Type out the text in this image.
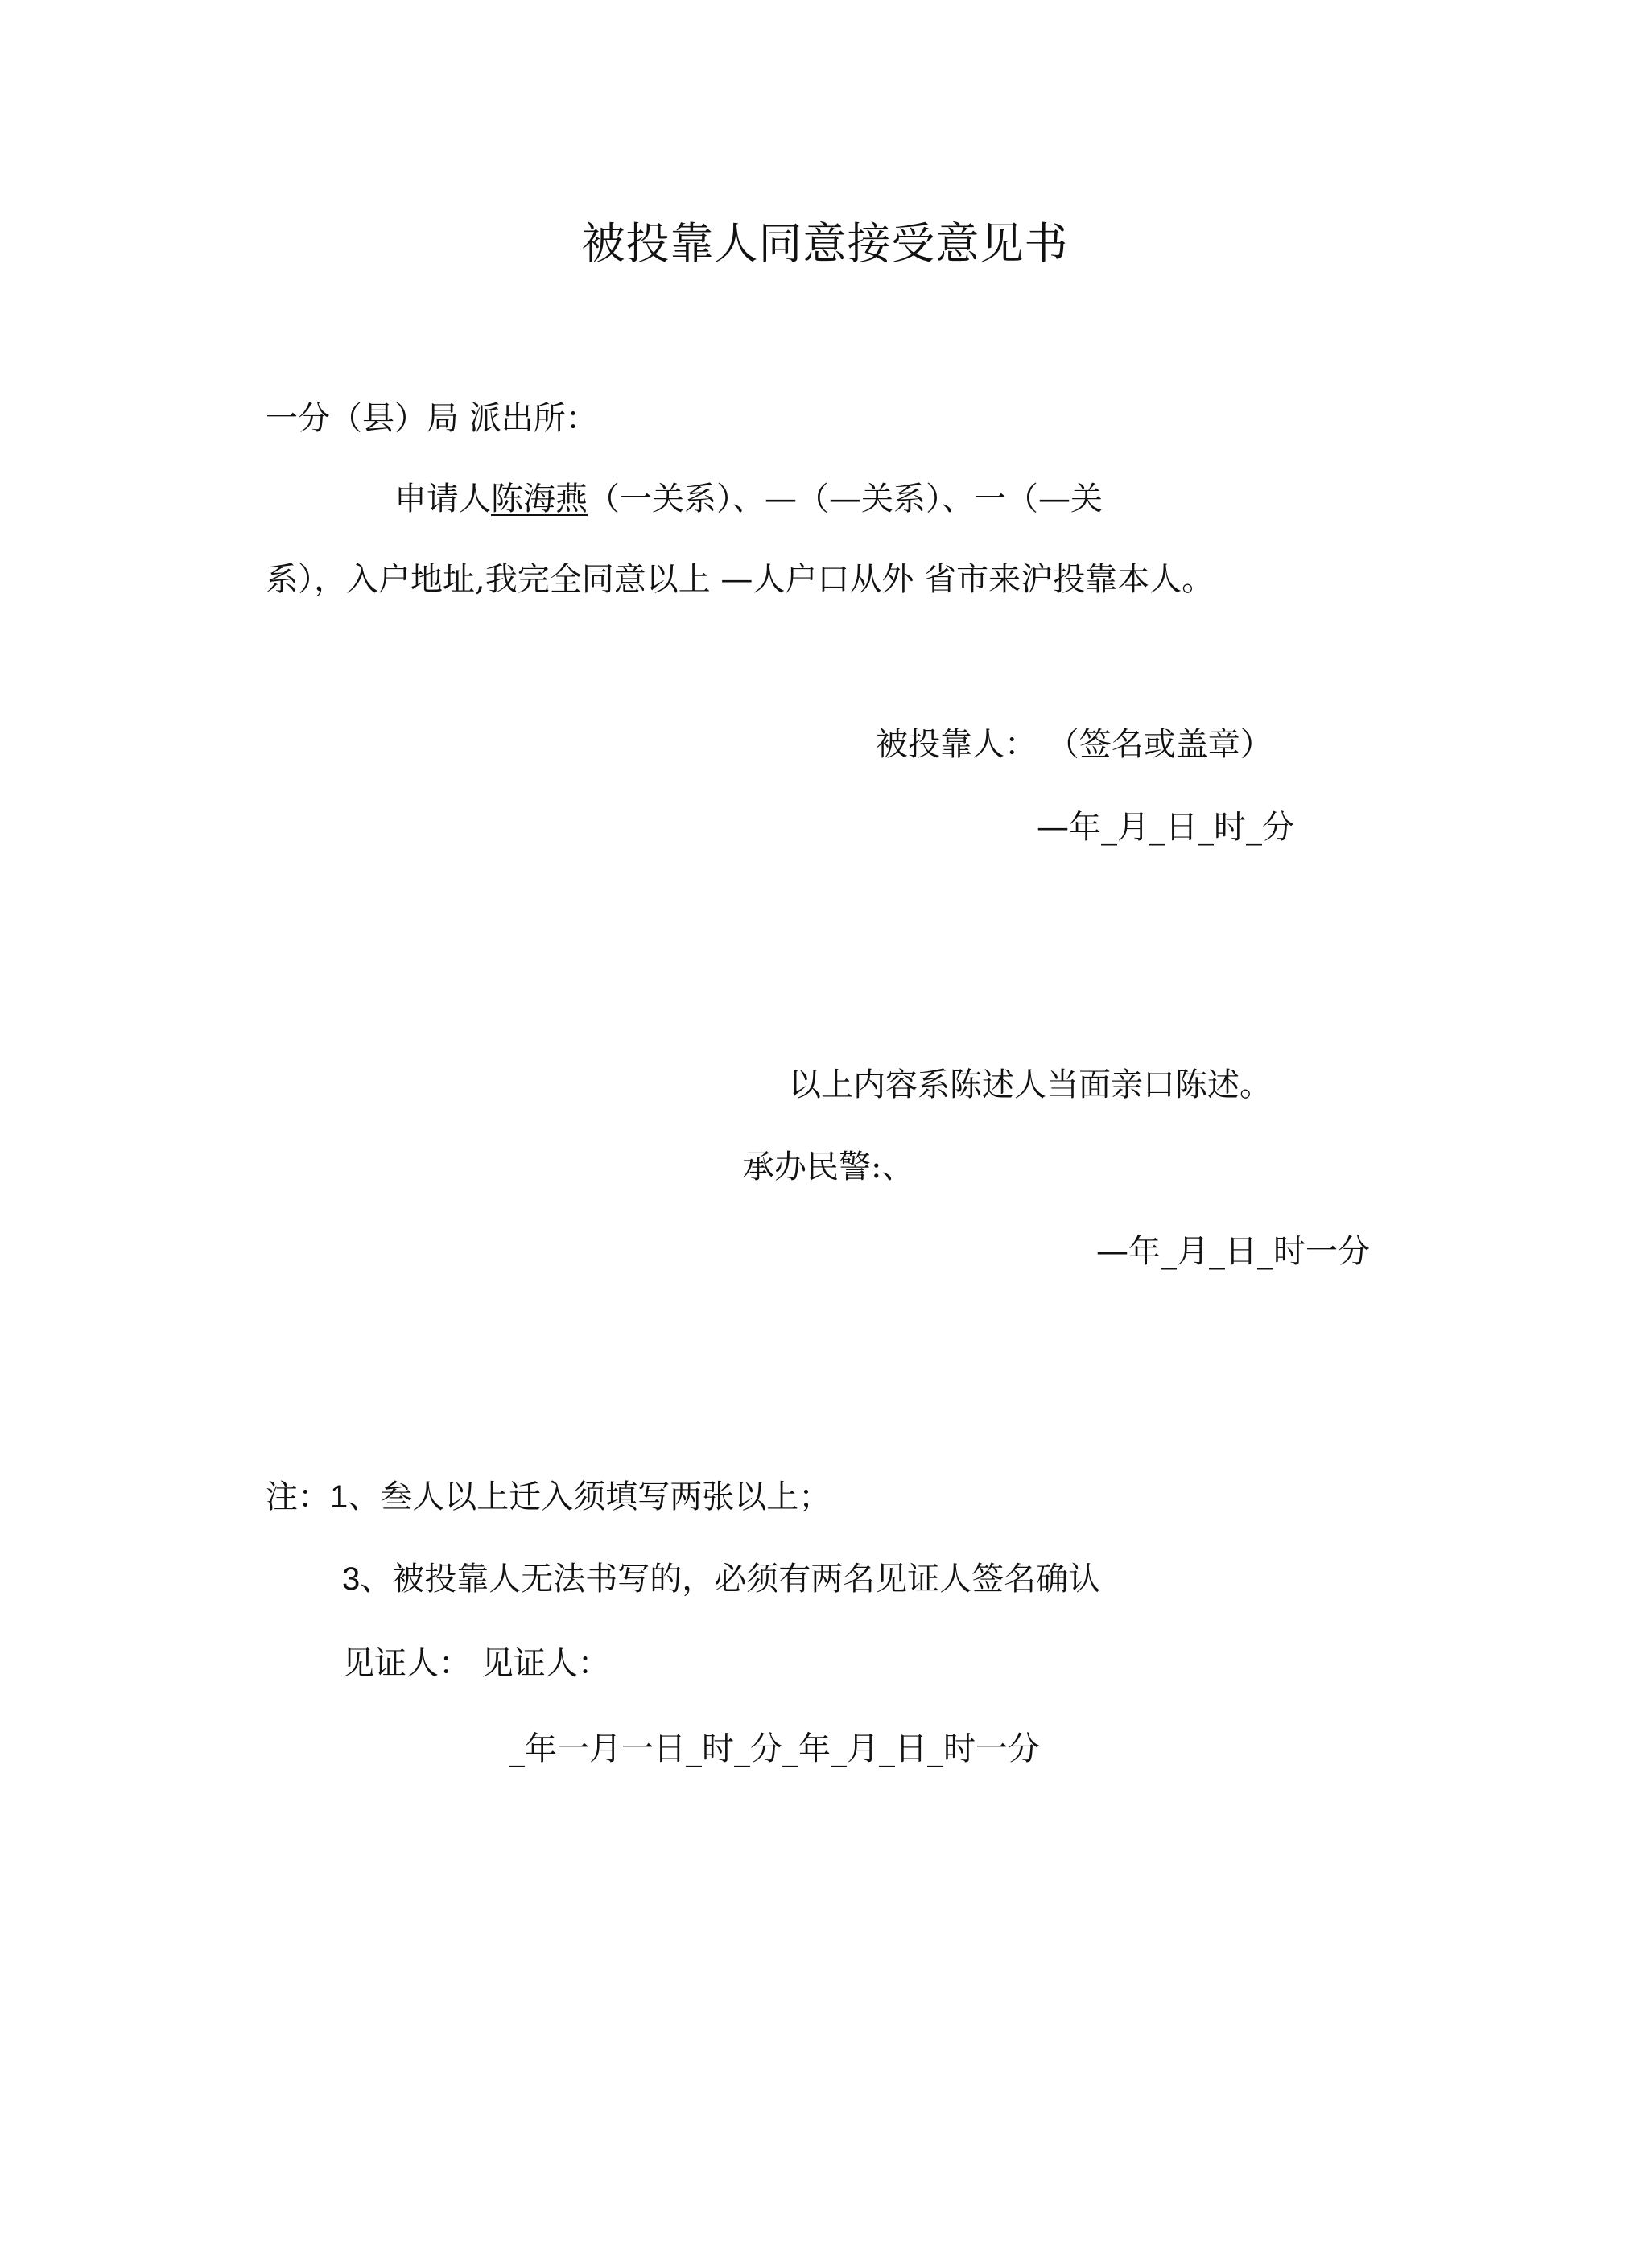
被投靠人同意接受意见书
一分（县）局 派出所：
申请人陈海燕（一关系）、—（—关系）、一（—关
系），入户地址,我完全同意以上 —人户口从外 省市来沪投靠本人。
被投靠人： （签名或盖章）
—年_月_日_时_分
以上内容系陈述人当面亲口陈述。
承办民警:、
—年_月_日_时一分
注：1、叁人以上迁入须填写两张以上；
3、被投靠人无法书写的，必须有两名见证人签名确认
见证人： 见证人：
_年一月一日_时_分_年_月_日_时一分
